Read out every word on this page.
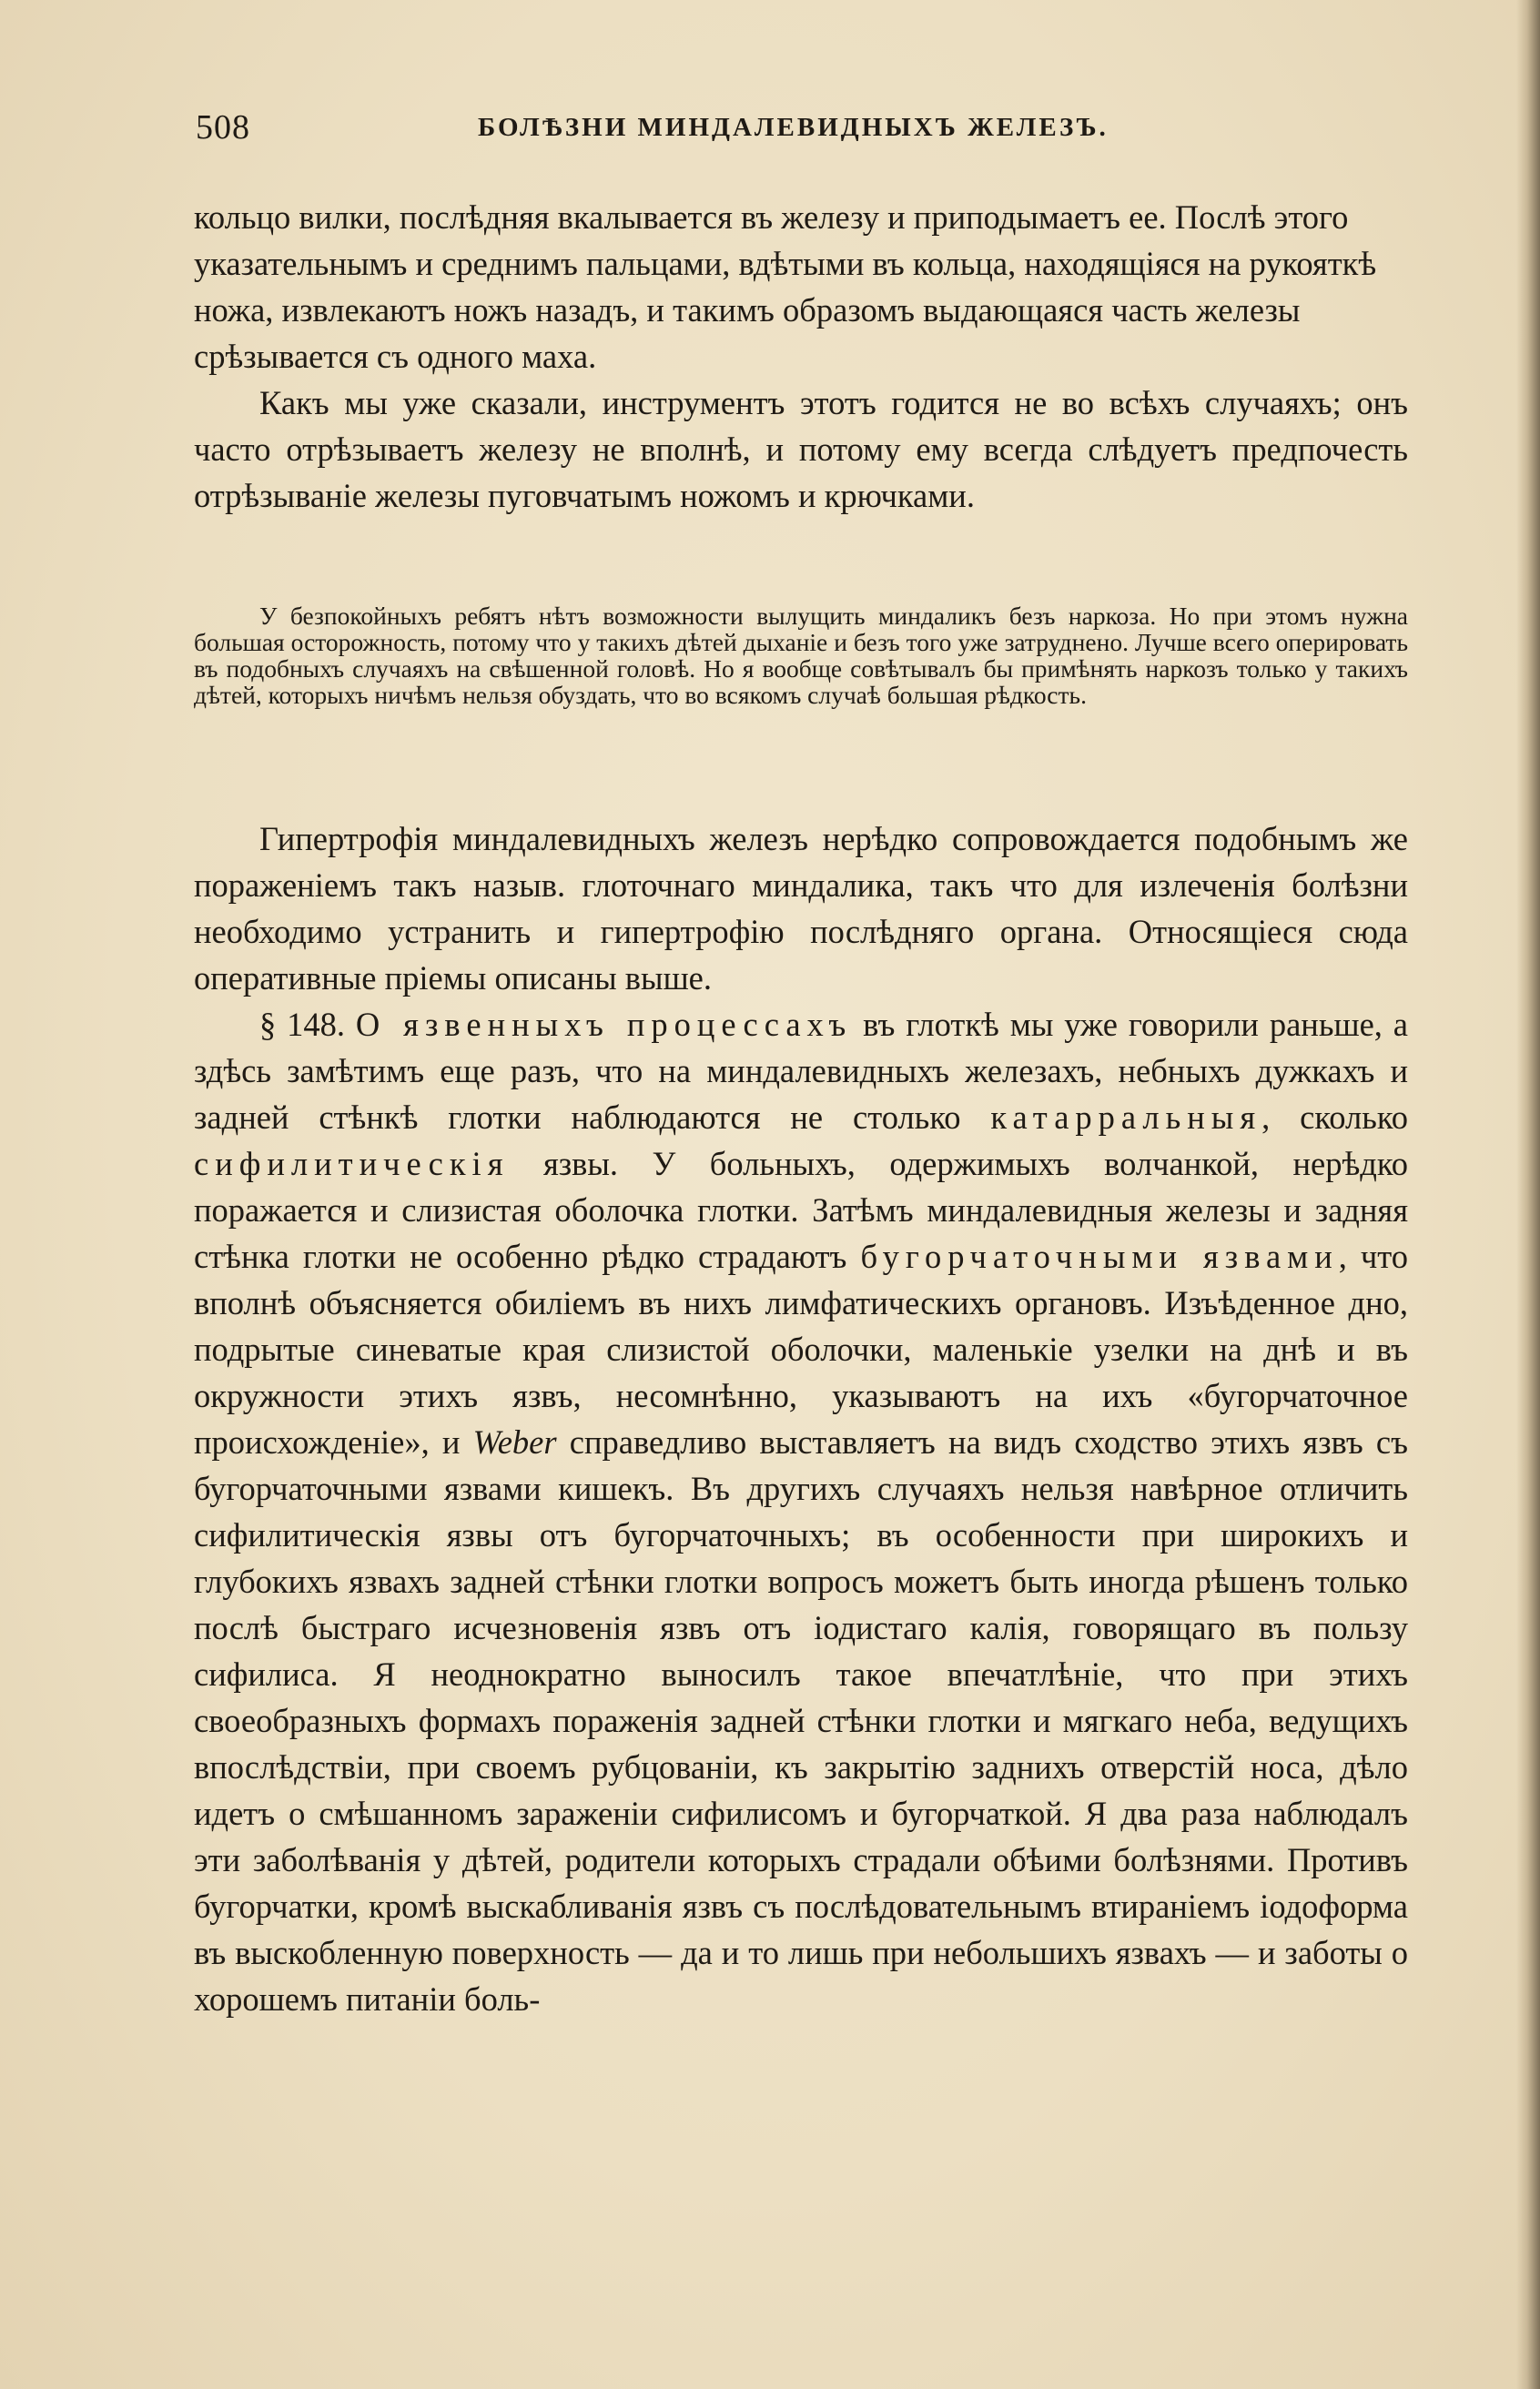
508	БОЛѢЗНИ МИНДАЛЕВИДНЫХЪ ЖЕЛЕЗЪ.

кольцо вилки, послѣдняя вкалывается въ железу и приподымаетъ ее. Послѣ этого указательнымъ и среднимъ пальцами, вдѣтыми въ кольца, находящіяся на рукояткѣ ножа, извлекаютъ ножъ назадъ, и такимъ образомъ выдающаяся часть железы срѣзывается съ одного маха.

Какъ мы уже сказали, инструментъ этотъ годится не во всѣхъ случаяхъ; онъ часто отрѣзываетъ железу не вполнѣ, и потому ему всегда слѣдуетъ предпочесть отрѣзываніе железы пуговчатымъ ножомъ и крючками.

У безпокойныхъ ребятъ нѣтъ возможности вылущить миндаликъ безъ наркоза. Но при этомъ нужна большая осторожность, потому что у такихъ дѣтей дыханіе и безъ того уже затруднено. Лучше всего оперировать въ подобныхъ случаяхъ на свѣшенной головѣ. Но я вообще совѣтывалъ бы примѣнять наркозъ только у такихъ дѣтей, которыхъ ничѣмъ нельзя обуздать, что во всякомъ случаѣ большая рѣдкость.

Гипертрофія миндалевидныхъ железъ нерѣдко сопровождается подобнымъ же пораженіемъ такъ назыв. глоточнаго миндалика, такъ что для излеченія болѣзни необходимо устранить и гипертрофію послѣдняго органа. Относящіеся сюда оперативные пріемы описаны выше.

§ 148. О язвенныхъ процессахъ въ глоткѣ мы уже говорили раньше, а здѣсь замѣтимъ еще разъ, что на миндалевидныхъ железахъ, небныхъ дужкахъ и задней стѣнкѣ глотки наблюдаются не столько катарральныя, сколько сифилитическія язвы. У больныхъ, одержимыхъ волчанкой, нерѣдко поражается и слизистая оболочка глотки. Затѣмъ миндалевидныя железы и задняя стѣнка глотки не особенно рѣдко страдаютъ бугорчаточными язвами, что вполнѣ объясняется обиліемъ въ нихъ лимфатическихъ органовъ. Изъѣденное дно, подрытые синеватые края слизистой оболочки, маленькіе узелки на днѣ и въ окружности этихъ язвъ, несомнѣнно, указываютъ на ихъ «бугорчаточное происхожденіе», и Weber справедливо выставляетъ на видъ сходство этихъ язвъ съ бугорчаточными язвами кишекъ. Въ другихъ случаяхъ нельзя навѣрное отличить сифилитическія язвы отъ бугорчаточныхъ; въ особенности при широкихъ и глубокихъ язвахъ задней стѣнки глотки вопросъ можетъ быть иногда рѣшенъ только послѣ быстраго исчезновенія язвъ отъ іодистаго калія, говорящаго въ пользу сифилиса. Я неоднократно выносилъ такое впечатлѣніе, что при этихъ своеобразныхъ формахъ пораженія задней стѣнки глотки и мягкаго неба, ведущихъ впослѣдствіи, при своемъ рубцованіи, къ закрытію заднихъ отверстій носа, дѣло идетъ о смѣшанномъ зараженіи сифилисомъ и бугорчаткой. Я два раза наблюдалъ эти заболѣванія у дѣтей, родители которыхъ страдали обѣими болѣзнями. Противъ бугорчатки, кромѣ выскабливанія язвъ съ послѣдовательнымъ втираніемъ іодоформа въ выскобленную поверхность — да и то лишь при небольшихъ язвахъ — и заботы о хорошемъ питаніи боль-
